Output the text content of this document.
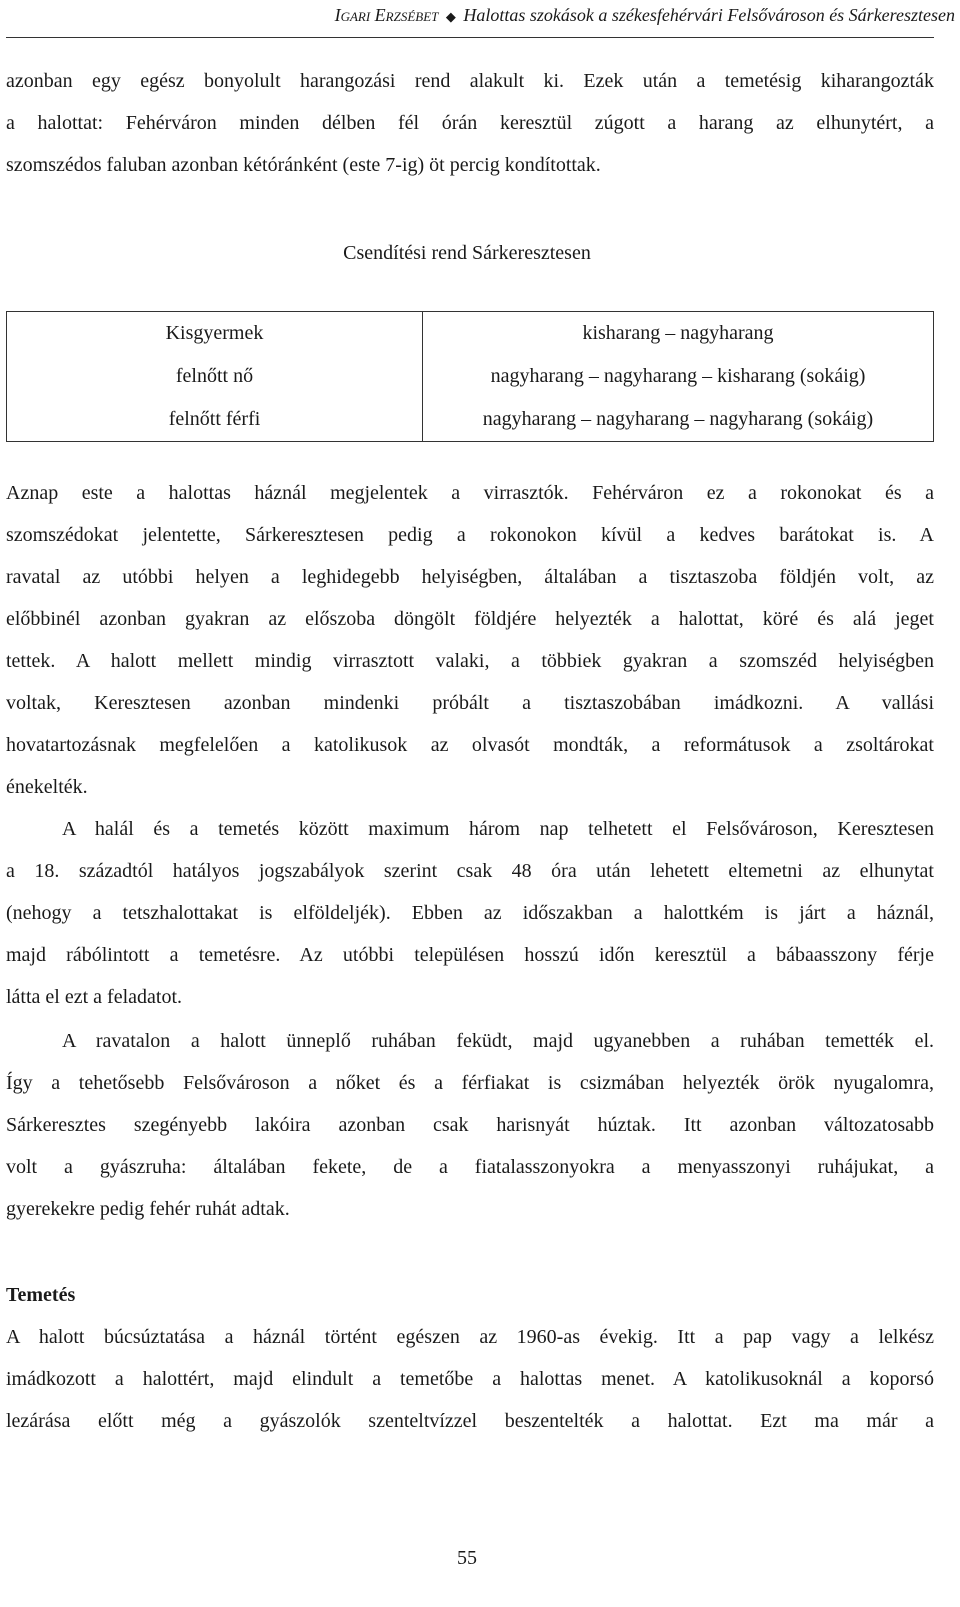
Igari Erzsébet ◆ Halottas szokások a székesfehérvári Felsővároson és Sárkeresztesen
azonban egy egész bonyolult harangozási rend alakult ki. Ezek után a temetésig kiharangozták
a halottat: Fehérváron minden délben fél órán keresztül zúgott a harang az elhunytért, a
szomszédos faluban azonban kétóránként (este 7-ig) öt percig kondítottak.
Csendítési rend Sárkeresztesen
Kisgyermek	kisharang – nagyharang
felnőtt nő	nagyharang – nagyharang – kisharang (sokáig)
felnőtt férfi	nagyharang – nagyharang – nagyharang (sokáig)
Aznap este a halottas háznál megjelentek a virrasztók. Fehérváron ez a rokonokat és a
szomszédokat jelentette, Sárkeresztesen pedig a rokonokon kívül a kedves barátokat is. A
ravatal az utóbbi helyen a leghidegebb helyiségben, általában a tisztaszoba földjén volt, az
előbbinél azonban gyakran az előszoba döngölt földjére helyezték a halottat, köré és alá jeget
tettek. A halott mellett mindig virrasztott valaki, a többiek gyakran a szomszéd helyiségben
voltak, Keresztesen azonban mindenki próbált a tisztaszobában imádkozni. A vallási
hovatartozásnak megfelelően a katolikusok az olvasót mondták, a reformátusok a zsoltárokat
énekelték.
A halál és a temetés között maximum három nap telhetett el Felsővároson, Keresztesen
a 18. századtól hatályos jogszabályok szerint csak 48 óra után lehetett eltemetni az elhunytat
(nehogy a tetszhalottakat is elföldeljék). Ebben az időszakban a halottkém is járt a háznál,
majd rábólintott a temetésre. Az utóbbi településen hosszú időn keresztül a bábaasszony férje
látta el ezt a feladatot.
A ravatalon a halott ünneplő ruhában feküdt, majd ugyanebben a ruhában temették el.
Így a tehetősebb Felsővároson a nőket és a férfiakat is csizmában helyezték örök nyugalomra,
Sárkeresztes szegényebb lakóira azonban csak harisnyát húztak. Itt azonban változatosabb
volt a gyászruha: általában fekete, de a fiatalasszonyokra a menyasszonyi ruhájukat, a
gyerekekre pedig fehér ruhát adtak.
Temetés
A halott búcsúztatása a háznál történt egészen az 1960-as évekig. Itt a pap vagy a lelkész
imádkozott a halottért, majd elindult a temetőbe a halottas menet. A katolikusoknál a koporsó
lezárása előtt még a gyászolók szenteltvízzel beszentelték a halottat. Ezt ma már a
55
